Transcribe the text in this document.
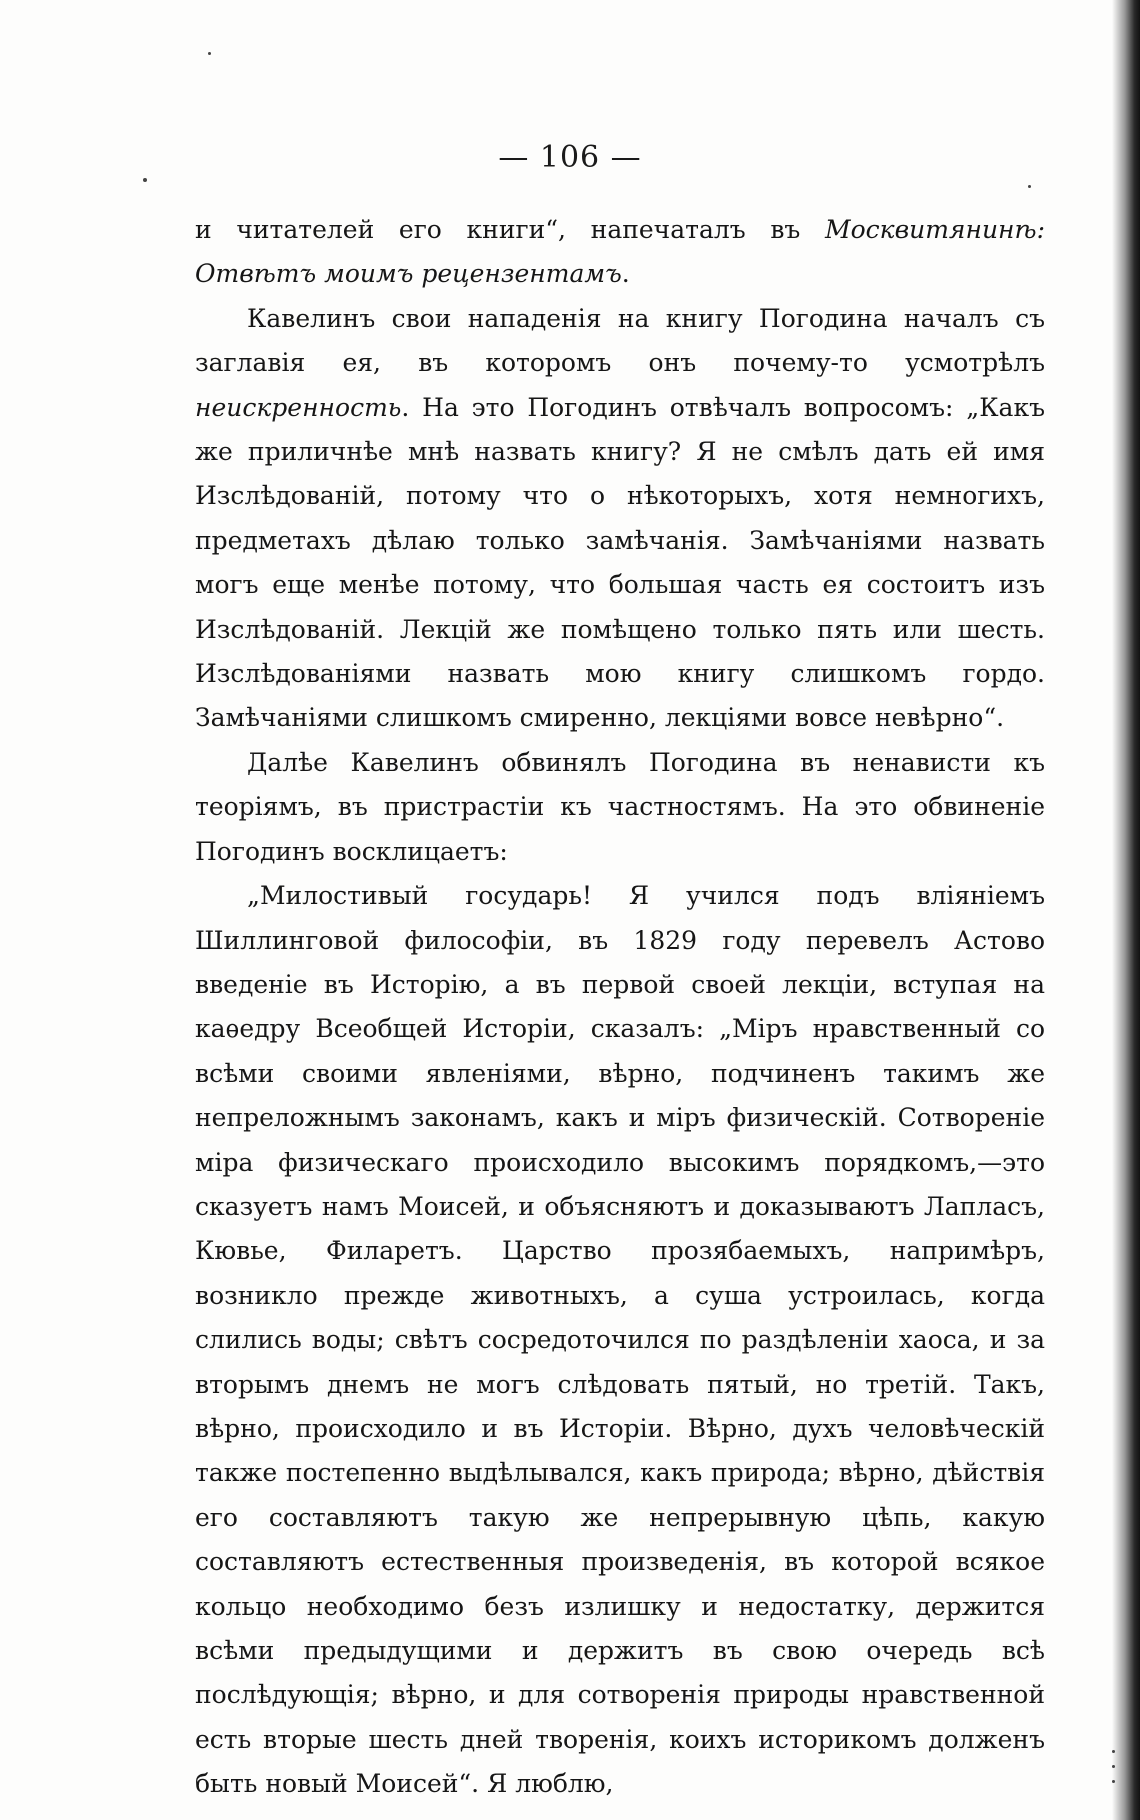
— 106 —

и читателей его книги“, напечаталъ въ Москвитянинѣ: Отвѣтъ моимъ рецензентамъ.

Кавелинъ свои нападенія на книгу Погодина началъ съ заглавія ея, въ которомъ онъ почему-то усмотрѣлъ неискренность. На это Погодинъ отвѣчалъ вопросомъ: „Какъ же приличнѣе мнѣ назвать книгу? Я не смѣлъ дать ей имя Изслѣдованій, потому что о нѣкоторыхъ, хотя немногихъ, предметахъ дѣлаю только замѣчанія. Замѣчаніями назвать могъ еще менѣе потому, что большая часть ея состоитъ изъ Изслѣдованій. Лекцій же помѣщено только пять или шесть. Изслѣдованіями назвать мою книгу слишкомъ гордо. Замѣчаніями слишкомъ смиренно, лекціями вовсе невѣрно“.

Далѣе Кавелинъ обвинялъ Погодина въ ненависти къ теоріямъ, въ пристрастіи къ частностямъ. На это обвиненіе Погодинъ восклицаетъ:

„Милостивый государь! Я учился подъ вліяніемъ Шиллинговой философіи, въ 1829 году перевелъ Астово введеніе въ Исторію, а въ первой своей лекціи, вступая на каѳедру Всеобщей Исторіи, сказалъ: „Міръ нравственный со всѣми своими явленіями, вѣрно, подчиненъ такимъ же непреложнымъ законамъ, какъ и міръ физическій. Сотвореніе міра физическаго происходило высокимъ порядкомъ,—это сказуетъ намъ Моисей, и объясняютъ и доказываютъ Лапласъ, Кювье, Филаретъ. Царство прозябаемыхъ, напримѣръ, возникло прежде животныхъ, а суша устроилась, когда слились воды; свѣтъ сосредоточился по раздѣленіи хаоса, и за вторымъ днемъ не могъ слѣдовать пятый, но третій. Такъ, вѣрно, происходило и въ Исторіи. Вѣрно, духъ человѣческій также постепенно выдѣлывался, какъ природа; вѣрно, дѣйствія его составляютъ такую же непрерывную цѣпь, какую составляютъ естественныя произведенія, въ которой всякое кольцо необходимо безъ излишку и недостатку, держится всѣми предыдущими и держитъ въ свою очередь всѣ послѣдующія; вѣрно, и для сотворенія природы нравственной есть вторые шесть дней творенія, коихъ историкомъ долженъ быть новый Моисей“. Я люблю,
